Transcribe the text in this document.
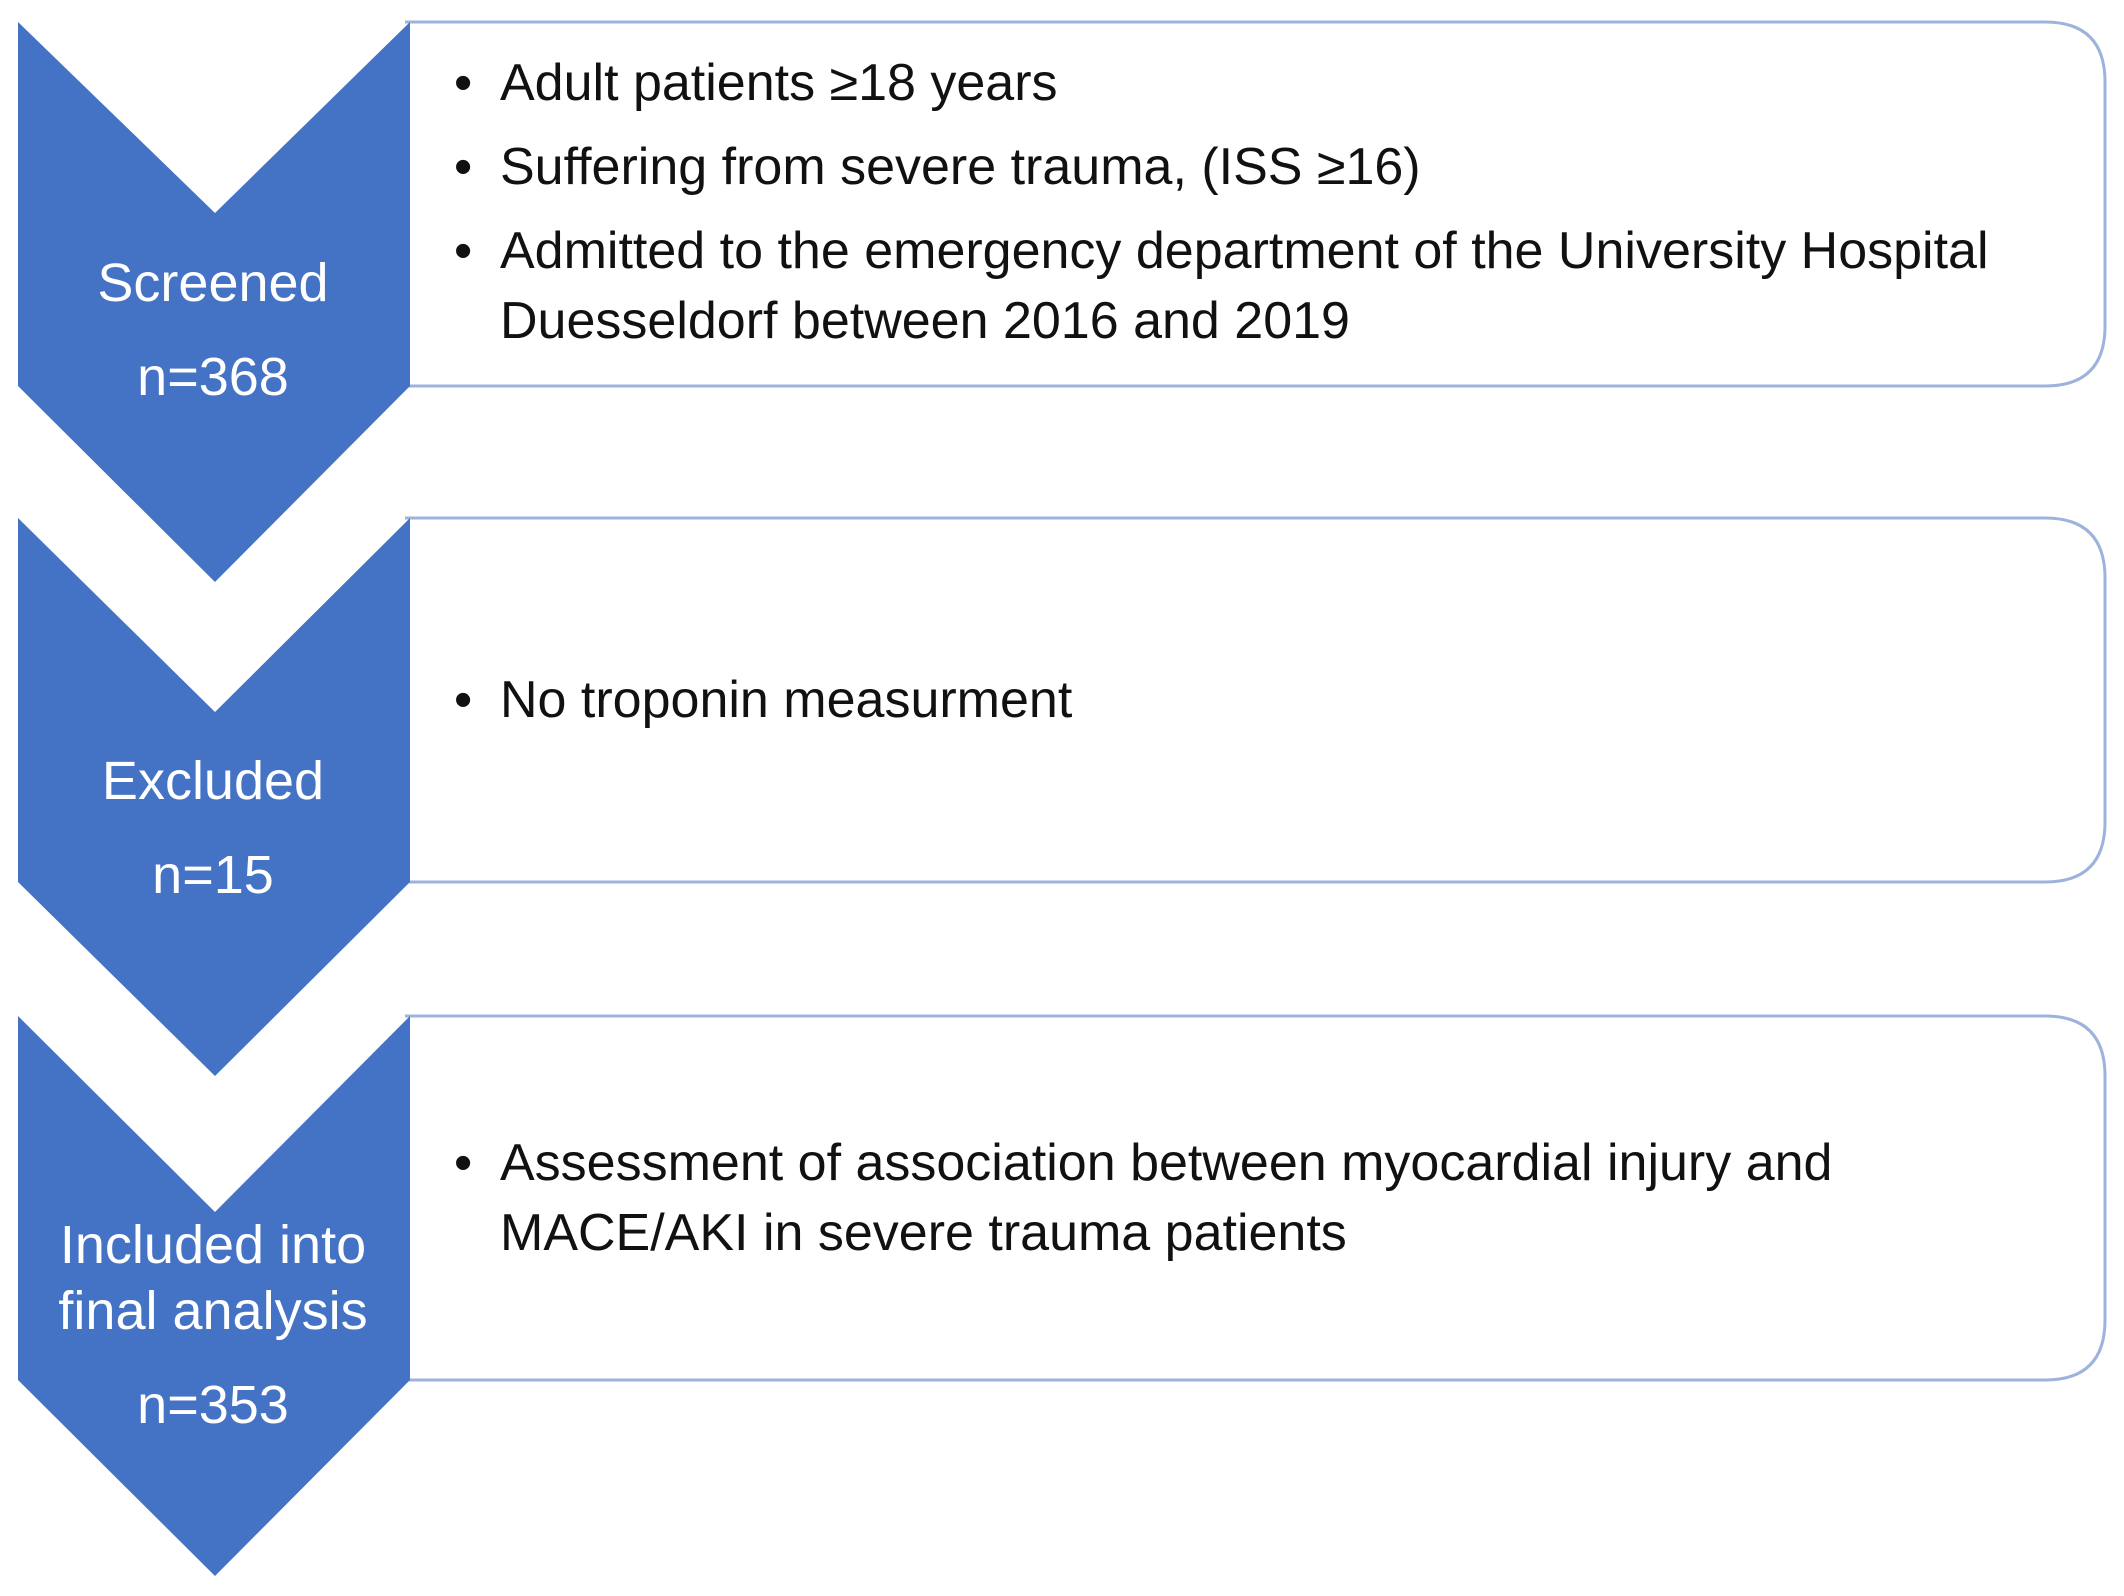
Screened
n=368
Excluded
n=15
Included into
final analysis
n=353
• Adult patients ≥18 years
• Suffering from severe trauma, (ISS ≥16)
• Admitted to the emergency department of the University Hospital Duesseldorf between 2016 and 2019
• No troponin measurment
• Assessment of association between myocardial injury and MACE/AKI in severe trauma patients
